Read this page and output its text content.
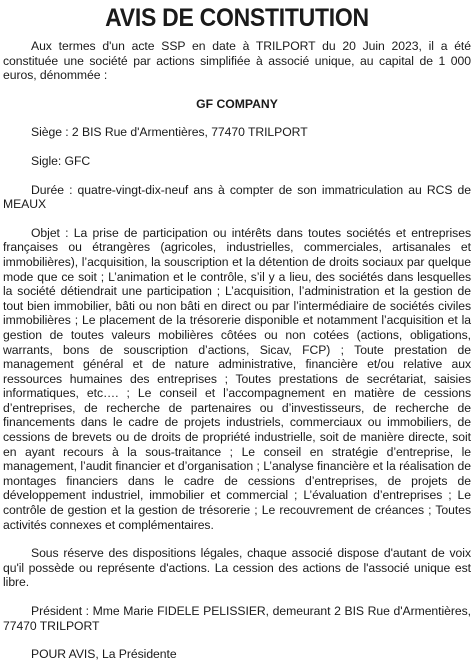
AVIS DE CONSTITUTION

Aux termes d'un acte SSP en date à TRILPORT du 20 Juin 2023, il a été constituée une société par actions simplifiée à associé unique, au capital de 1 000 euros, dénommée :

GF COMPANY

Siège : 2 BIS Rue d'Armentières, 77470 TRILPORT

Sigle: GFC

Durée : quatre-vingt-dix-neuf ans à compter de son immatriculation au RCS de MEAUX

Objet : La prise de participation ou intérêts dans toutes sociétés et entreprises françaises ou étrangères (agricoles, industrielles, commerciales, artisanales et immobilières), l’acquisition, la souscription et la détention de droits sociaux par quelque mode que ce soit ; L’animation et le contrôle, s’il y a lieu, des sociétés dans lesquelles la société détiendrait une participation ; L’acquisition, l’administration et la gestion de tout bien immobilier, bâti ou non bâti en direct ou par l’intermédiaire de sociétés civiles immobilières ; Le placement de la trésorerie disponible et notamment l’acquisition et la gestion de toutes valeurs mobilières côtées ou non cotées (actions, obligations, warrants, bons de souscription d’actions, Sicav, FCP) ; Toute prestation de management général et de nature administrative, financière et/ou relative aux ressources humaines des entreprises ; Toutes prestations de secrétariat, saisies informatiques, etc…. ; Le conseil et l’accompagnement en matière de cessions d’entreprises, de recherche de partenaires ou d’investisseurs, de recherche de financements dans le cadre de projets industriels, commerciaux ou immobiliers, de cessions de brevets ou de droits de propriété industrielle, soit de manière directe, soit en ayant recours à la sous-traitance ; Le conseil en stratégie d’entreprise, le management, l’audit financier et d’organisation ; L’analyse financière et la réalisation de montages financiers dans le cadre de cessions d’entreprises, de projets de développement industriel, immobilier et commercial ; L’évaluation d’entreprises ; Le contrôle de gestion et la gestion de trésorerie ; Le recouvrement de créances ; Toutes activités connexes et complémentaires.

Sous réserve des dispositions légales, chaque associé dispose d'autant de voix qu'il possède ou représente d'actions. La cession des actions de l'associé unique est libre.

Président : Mme Marie FIDELE PELISSIER, demeurant 2 BIS Rue d'Armentières, 77470 TRILPORT

POUR AVIS, La Présidente
